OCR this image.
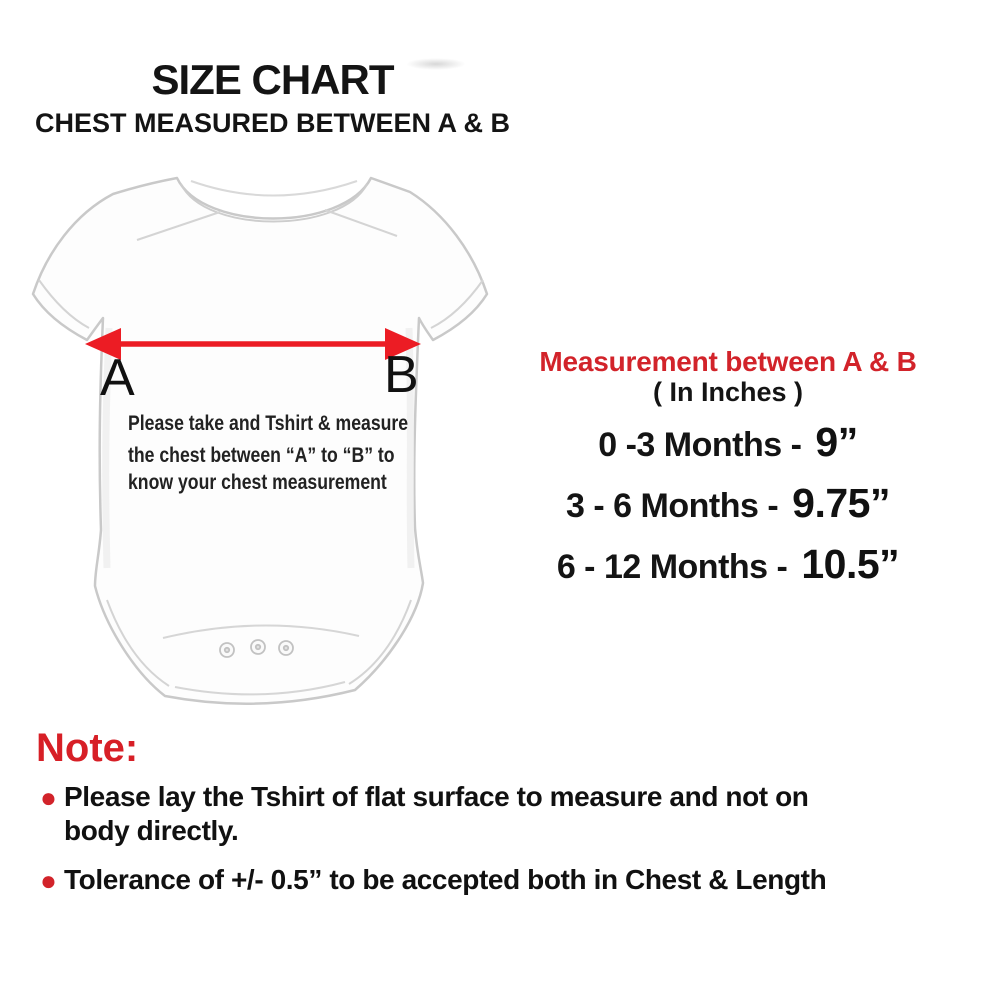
SIZE CHART
CHEST MEASURED BETWEEN A & B
A	B
Please take and Tshirt & measure
the chest between “A” to “B” to
know your chest measurement
Measurement between A & B
( In Inches )
0 -3 Months - 9”
3 - 6 Months - 9.75”
6 - 12 Months - 10.5”
Note:
● Please lay the Tshirt of flat surface to measure and not on
body directly.
● Tolerance of +/- 0.5” to be accepted both in Chest & Length
